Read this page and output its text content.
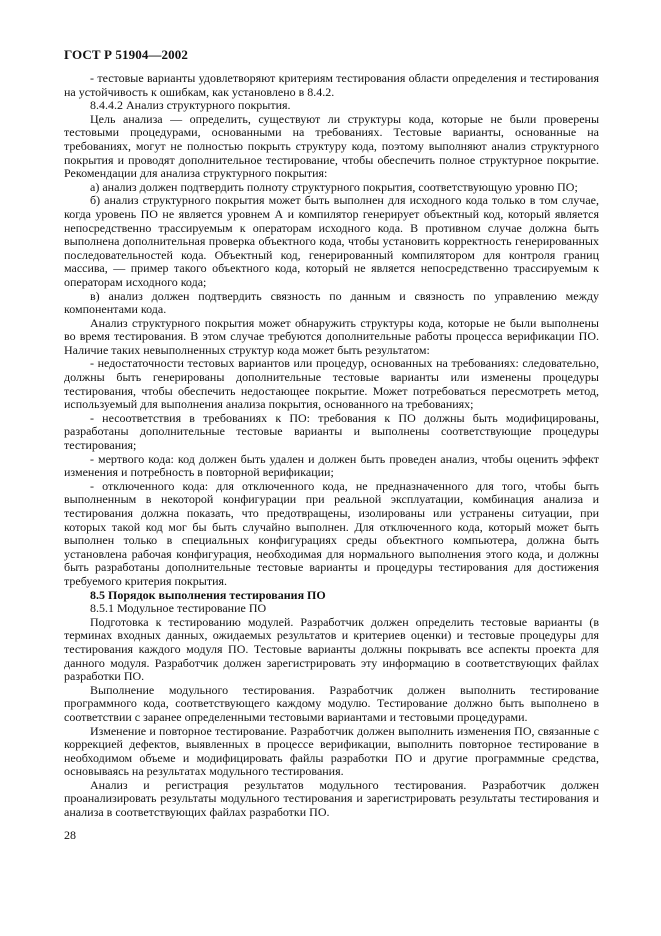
ГОСТ Р 51904—2002

- тестовые варианты удовлетворяют критериям тестирования области определения и тестирования на устойчивость к ошибкам, как установлено в 8.4.2.

8.4.4.2 Анализ структурного покрытия.

Цель анализа — определить, существуют ли структуры кода, которые не были проверены тестовыми процедурами, основанными на требованиях. Тестовые варианты, основанные на требованиях, могут не полностью покрыть структуру кода, поэтому выполняют анализ структурного покрытия и проводят дополнительное тестирование, чтобы обеспечить полное структурное покрытие. Рекомендации для анализа структурного покрытия:

а) анализ должен подтвердить полноту структурного покрытия, соответствующую уровню ПО;

б) анализ структурного покрытия может быть выполнен для исходного кода только в том случае, когда уровень ПО не является уровнем А и компилятор генерирует объектный код, который является непосредственно трассируемым к операторам исходного кода. В противном случае должна быть выполнена дополнительная проверка объектного кода, чтобы установить корректность генерированных последовательностей кода. Объектный код, генерированный компилятором для контроля границ массива, — пример такого объектного кода, который не является непосредственно трассируемым к операторам исходного кода;

в) анализ должен подтвердить связность по данным и связность по управлению между компонентами кода.

Анализ структурного покрытия может обнаружить структуры кода, которые не были выполнены во время тестирования. В этом случае требуются дополнительные работы процесса верификации ПО. Наличие таких невыполненных структур кода может быть результатом:

- недостаточности тестовых вариантов или процедур, основанных на требованиях: следовательно, должны быть генерированы дополнительные тестовые варианты или изменены процедуры тестирования, чтобы обеспечить недостающее покрытие. Может потребоваться пересмотреть метод, используемый для выполнения анализа покрытия, основанного на требованиях;

- несоответствия в требованиях к ПО: требования к ПО должны быть модифицированы, разработаны дополнительные тестовые варианты и выполнены соответствующие процедуры тестирования;

- мертвого кода: код должен быть удален и должен быть проведен анализ, чтобы оценить эффект изменения и потребность в повторной верификации;

- отключенного кода: для отключенного кода, не предназначенного для того, чтобы быть выполненным в некоторой конфигурации при реальной эксплуатации, комбинация анализа и тестирования должна показать, что предотвращены, изолированы или устранены ситуации, при которых такой код мог бы быть случайно выполнен. Для отключенного кода, который может быть выполнен только в специальных конфигурациях среды объектного компьютера, должна быть установлена рабочая конфигурация, необходимая для нормального выполнения этого кода, и должны быть разработаны дополнительные тестовые варианты и процедуры тестирования для достижения требуемого критерия покрытия.

8.5 Порядок выполнения тестирования ПО

8.5.1 Модульное тестирование ПО

Подготовка к тестированию модулей. Разработчик должен определить тестовые варианты (в терминах входных данных, ожидаемых результатов и критериев оценки) и тестовые процедуры для тестирования каждого модуля ПО. Тестовые варианты должны покрывать все аспекты проекта для данного модуля. Разработчик должен зарегистрировать эту информацию в соответствующих файлах разработки ПО.

Выполнение модульного тестирования. Разработчик должен выполнить тестирование программного кода, соответствующего каждому модулю. Тестирование должно быть выполнено в соответствии с заранее определенными тестовыми вариантами и тестовыми процедурами.

Изменение и повторное тестирование. Разработчик должен выполнить изменения ПО, связанные с коррекцией дефектов, выявленных в процессе верификации, выполнить повторное тестирование в необходимом объеме и модифицировать файлы разработки ПО и другие программные средства, основываясь на результатах модульного тестирования.

Анализ и регистрация результатов модульного тестирования. Разработчик должен проанализировать результаты модульного тестирования и зарегистрировать результаты тестирования и анализа в соответствующих файлах разработки ПО.

28
